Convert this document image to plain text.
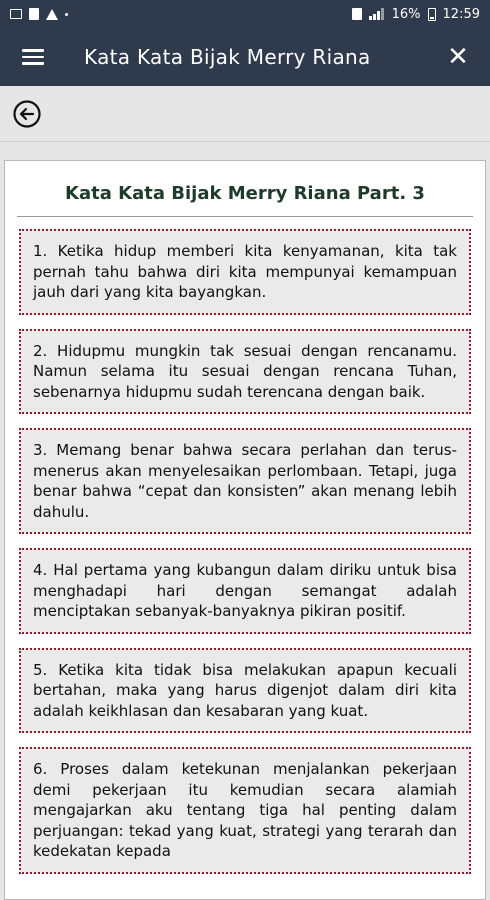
16% 12:59
Kata Kata Bijak Merry Riana	✕
Kata Kata Bijak Merry Riana Part. 3
1. Ketika hidup memberi kita kenyamanan, kita tak pernah tahu bahwa diri kita mempunyai kemampuan jauh dari yang kita bayangkan.
2. Hidupmu mungkin tak sesuai dengan rencanamu. Namun selama itu sesuai dengan rencana Tuhan, sebenarnya hidupmu sudah terencana dengan baik.
3. Memang benar bahwa secara perlahan dan terus-menerus akan menyelesaikan perlombaan. Tetapi, juga benar bahwa “cepat dan konsisten” akan menang lebih dahulu.
4. Hal pertama yang kubangun dalam diriku untuk bisa menghadapi hari dengan semangat adalah menciptakan sebanyak-banyaknya pikiran positif.
5. Ketika kita tidak bisa melakukan apapun kecuali bertahan, maka yang harus digenjot dalam diri kita adalah keikhlasan dan kesabaran yang kuat.
6. Proses dalam ketekunan menjalankan pekerjaan demi pekerjaan itu kemudian secara alamiah mengajarkan aku tentang tiga hal penting dalam perjuangan: tekad yang kuat, strategi yang terarah dan kedekatan kepada
